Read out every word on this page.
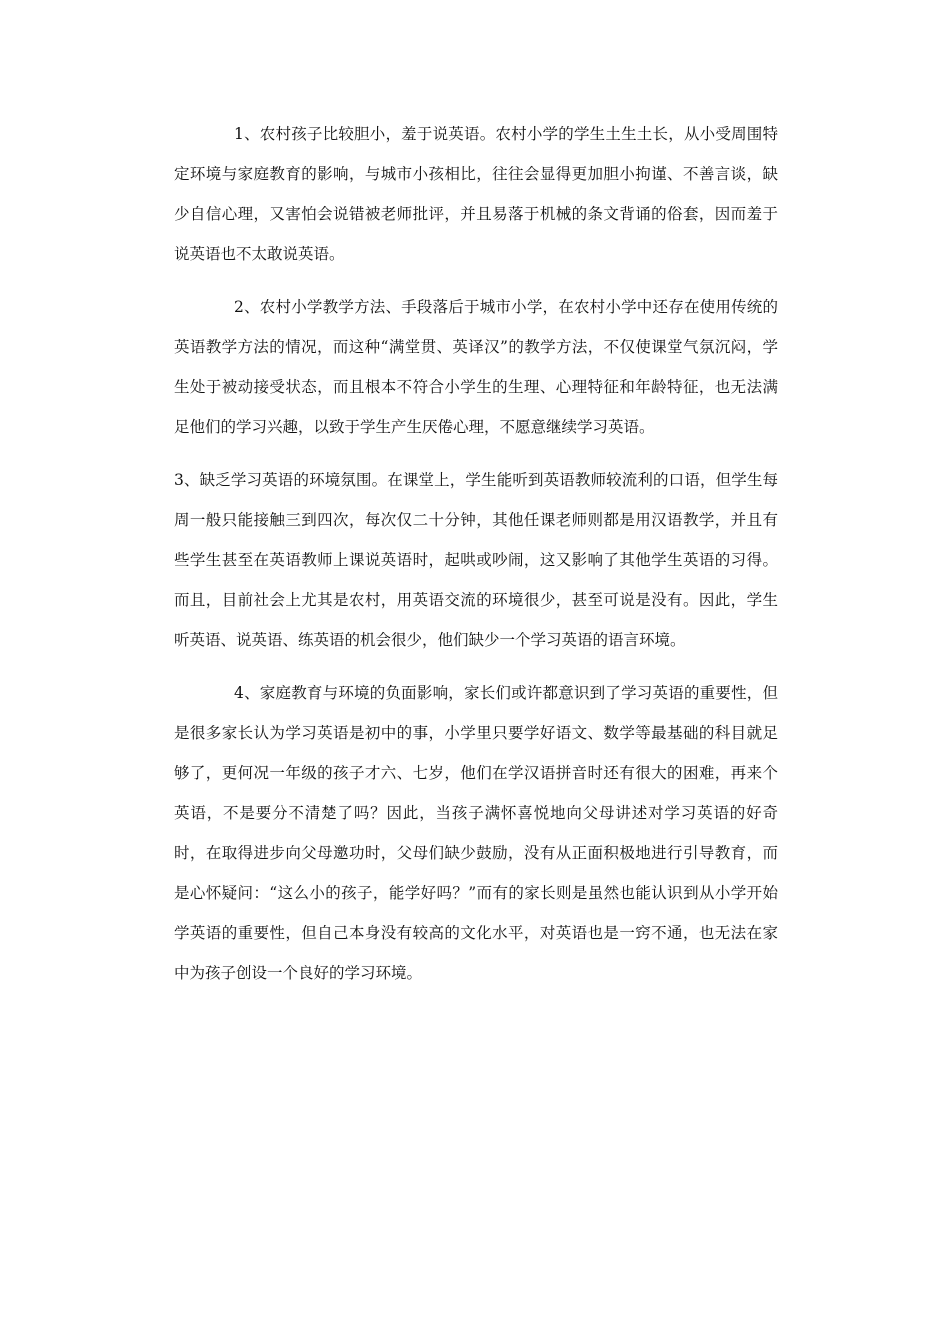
1、农村孩子比较胆小，羞于说英语。农村小学的学生土生土长，从小受周围特定环境与家庭教育的影响，与城市小孩相比，往往会显得更加胆小拘谨、不善言谈，缺少自信心理，又害怕会说错被老师批评，并且易落于机械的条文背诵的俗套，因而羞于说英语也不太敢说英语。

2、农村小学教学方法、手段落后于城市小学，在农村小学中还存在使用传统的英语教学方法的情况，而这种“满堂贯、英译汉”的教学方法，不仅使课堂气氛沉闷，学生处于被动接受状态，而且根本不符合小学生的生理、心理特征和年龄特征，也无法满足他们的学习兴趣，以致于学生产生厌倦心理，不愿意继续学习英语。

3、缺乏学习英语的环境氛围。在课堂上，学生能听到英语教师较流利的口语，但学生每周一般只能接触三到四次，每次仅二十分钟，其他任课老师则都是用汉语教学，并且有些学生甚至在英语教师上课说英语时，起哄或吵闹，这又影响了其他学生英语的习得。而且，目前社会上尤其是农村，用英语交流的环境很少，甚至可说是没有。因此，学生听英语、说英语、练英语的机会很少，他们缺少一个学习英语的语言环境。

4、家庭教育与环境的负面影响，家长们或许都意识到了学习英语的重要性，但是很多家长认为学习英语是初中的事，小学里只要学好语文、数学等最基础的科目就足够了，更何况一年级的孩子才六、七岁，他们在学汉语拼音时还有很大的困难，再来个英语，不是要分不清楚了吗？因此，当孩子满怀喜悦地向父母讲述对学习英语的好奇时，在取得进步向父母邀功时，父母们缺少鼓励，没有从正面积极地进行引导教育，而是心怀疑问：“这么小的孩子，能学好吗？”而有的家长则是虽然也能认识到从小学开始学英语的重要性，但自己本身没有较高的文化水平，对英语也是一窍不通，也无法在家中为孩子创设一个良好的学习环境。
